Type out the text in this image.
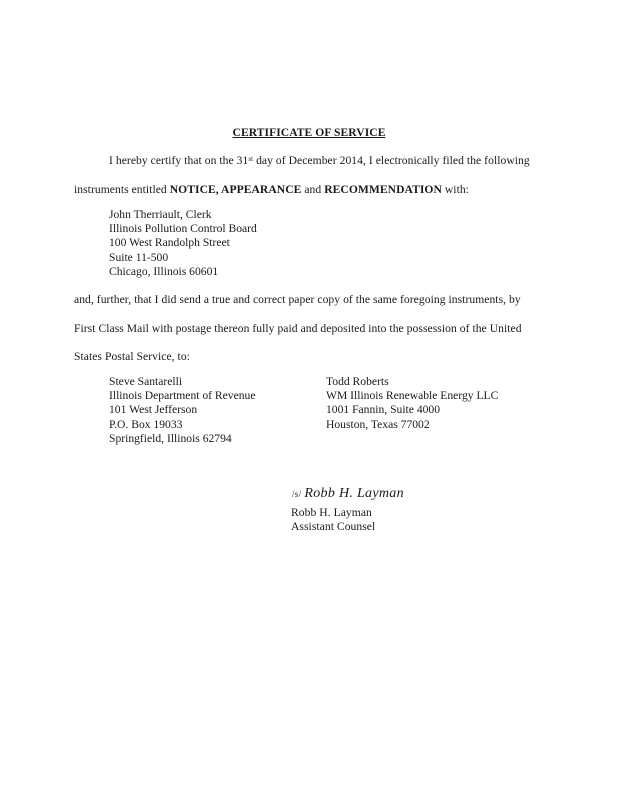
CERTIFICATE OF SERVICE
I hereby certify that on the 31st day of December 2014, I electronically filed the following
instruments entitled NOTICE, APPEARANCE and RECOMMENDATION with:
John Therriault, Clerk
Illinois Pollution Control Board
100 West Randolph Street
Suite 11-500
Chicago, Illinois 60601
and, further, that I did send a true and correct paper copy of the same foregoing instruments, by
First Class Mail with postage thereon fully paid and deposited into the possession of the United
States Postal Service, to:
Steve Santarelli
Illinois Department of Revenue
101 West Jefferson
P.O. Box 19033
Springfield, Illinois 62794
Todd Roberts
WM Illinois Renewable Energy LLC
1001 Fannin, Suite 4000
Houston, Texas 77002
/s/ Robb H. Layman
Robb H. Layman
Assistant Counsel
